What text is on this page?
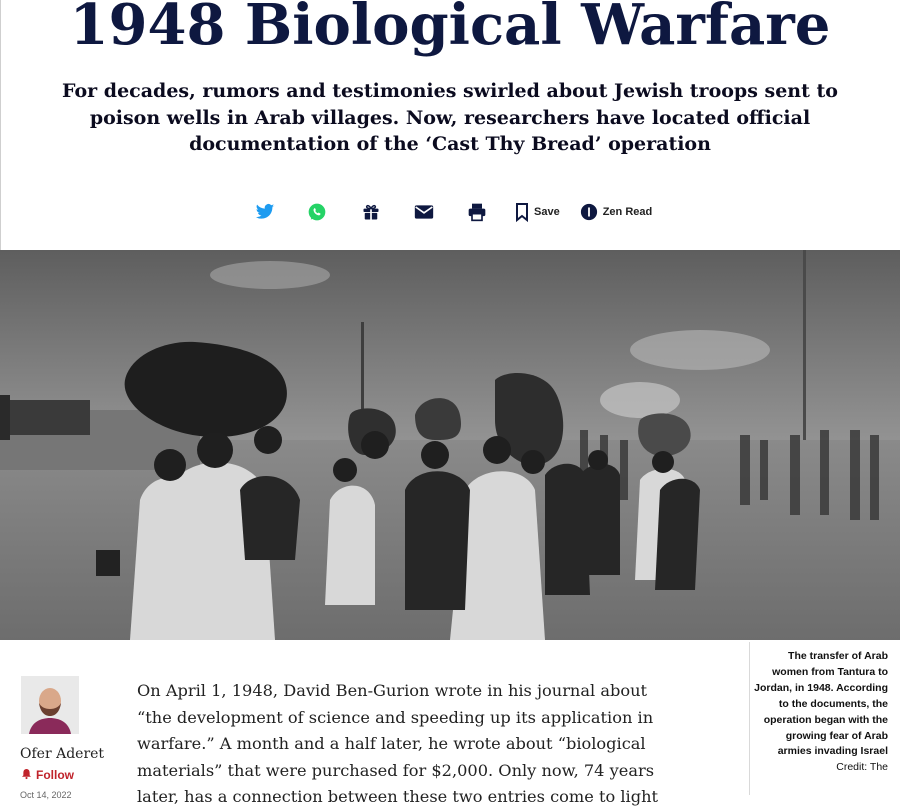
1948 Biological Warfare

For decades, rumors and testimonies swirled about Jewish troops sent to poison wells in Arab villages. Now, researchers have located official documentation of the ‘Cast Thy Bread’ operation

Save	Zen Read
Ofer Aderet
Follow
Oct 14, 2022

On April 1, 1948, David Ben-Gurion wrote in his journal about “the development of science and speeding up its application in warfare.” A month and a half later, he wrote about “biological materials” that were purchased for $2,000. Only now, 74 years later, has a connection between these two entries come to light

The transfer of Arab women from Tantura to Jordan, in 1948. According to the documents, the operation began with the growing fear of Arab armies invading Israel Credit: The
